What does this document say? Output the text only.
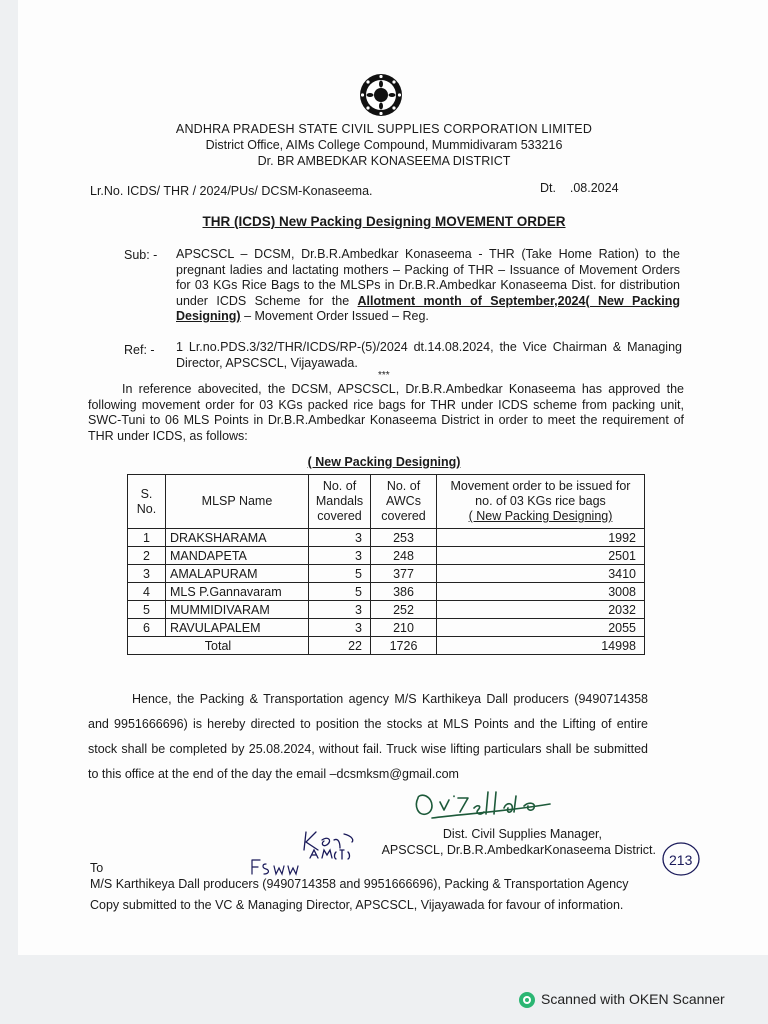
ANDHRA PRADESH STATE CIVIL SUPPLIES CORPORATION LIMITED
District Office, AIMs College Compound, Mummidivaram 533216
Dr. BR AMBEDKAR KONASEEMA DISTRICT
Lr.No. ICDS/ THR / 2024/PUs/ DCSM-Konaseema.	Dt.    .08.2024
THR (ICDS) New Packing Designing MOVEMENT ORDER
Sub: - APSCSCL – DCSM, Dr.B.R.Ambedkar Konaseema - THR (Take Home Ration) to the pregnant ladies and lactating mothers – Packing of THR – Issuance of Movement Orders for 03 KGs Rice Bags to the MLSPs in Dr.B.R.Ambedkar Konaseema Dist. for distribution under ICDS Scheme for the Allotment month of September,2024( New Packing Designing) – Movement Order Issued – Reg.
Ref: - 1 Lr.no.PDS.3/32/THR/ICDS/RP-(5)/2024 dt.14.08.2024, the Vice Chairman & Managing Director, APSCSCL, Vijayawada.
***
In reference abovecited, the DCSM, APSCSCL, Dr.B.R.Ambedkar Konaseema has approved the following movement order for 03 KGs packed rice bags for THR under ICDS scheme from packing unit, SWC-Tuni to 06 MLS Points in Dr.B.R.Ambedkar Konaseema District in order to meet the requirement of THR under ICDS, as follows:
( New Packing Designing)
S. No.	MLSP Name	No. of Mandals covered	No. of AWCs covered	Movement order to be issued for no. of 03 KGs rice bags
( New Packing Designing)
1	DRAKSHARAMA	3	253	1992
2	MANDAPETA	3	248	2501
3	AMALAPURAM	5	377	3410
4	MLS P.Gannavaram	5	386	3008
5	MUMMIDIVARAM	3	252	2032
6	RAVULAPALEM	3	210	2055
Total		22	1726	14998
Hence, the Packing & Transportation agency M/S Karthikeya Dall producers (9490714358 and 9951666696) is hereby directed to position the stocks at MLS Points and the Lifting of entire stock shall be completed by 25.08.2024, without fail. Truck wise lifting particulars shall be submitted to this office at the end of the day the email –dcsmksm@gmail.com
Dvizelldo
Kan AM(T)
FSww
Dist. Civil Supplies Manager,
APSCSCL, Dr.B.R.AmbedkarKonaseema District.
213
To
M/S Karthikeya Dall producers (9490714358 and 9951666696), Packing & Transportation Agency
Copy submitted to the VC & Managing Director, APSCSCL, Vijayawada for favour of information.
Scanned with OKEN Scanner
